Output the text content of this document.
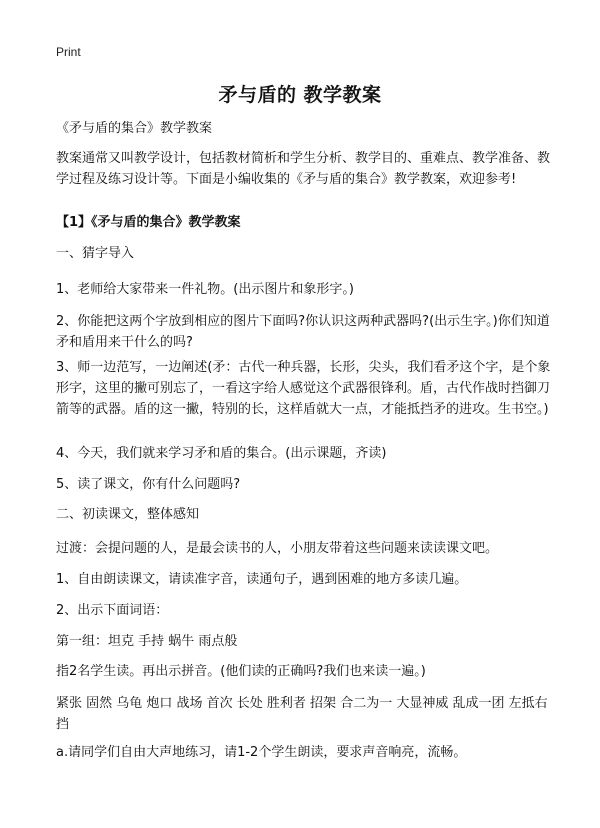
Print
矛与盾的 教学教案

《矛与盾的集合》教学教案

教案通常又叫教学设计，包括教材简析和学生分析、教学目的、重难点、教学准备、教学过程及练习设计等。下面是小编收集的《矛与盾的集合》教学教案，欢迎参考!

【1】《矛与盾的集合》教学教案

一、猜字导入

1、老师给大家带来一件礼物。(出示图片和象形字。)

2、你能把这两个字放到相应的图片下面吗?你认识这两种武器吗?(出示生字。)你们知道矛和盾用来干什么的吗?

3、师一边范写，一边阐述(矛：古代一种兵器，长形，尖头，我们看矛这个字，是个象形字，这里的撇可别忘了，一看这字给人感觉这个武器很锋利。盾，古代作战时挡御刀箭等的武器。盾的这一撇，特别的长，这样盾就大一点，才能抵挡矛的进攻。生书空。)

4、今天，我们就来学习矛和盾的集合。(出示课题，齐读)

5、读了课文，你有什么问题吗?

二、初读课文，整体感知

过渡：会提问题的人，是最会读书的人，小朋友带着这些问题来读读课文吧。

1、自由朗读课文，请读准字音，读通句子，遇到困难的地方多读几遍。

2、出示下面词语：

第一组：坦克 手持 蜗牛 雨点般

指2名学生读。再出示拼音。(他们读的正确吗?我们也来读一遍。)

紧张 固然 乌龟 炮口 战场 首次 长处 胜利者 招架 合二为一 大显神威 乱成一团 左抵右挡

a.请同学们自由大声地练习，请1-2个学生朗读，要求声音响亮，流畅。
